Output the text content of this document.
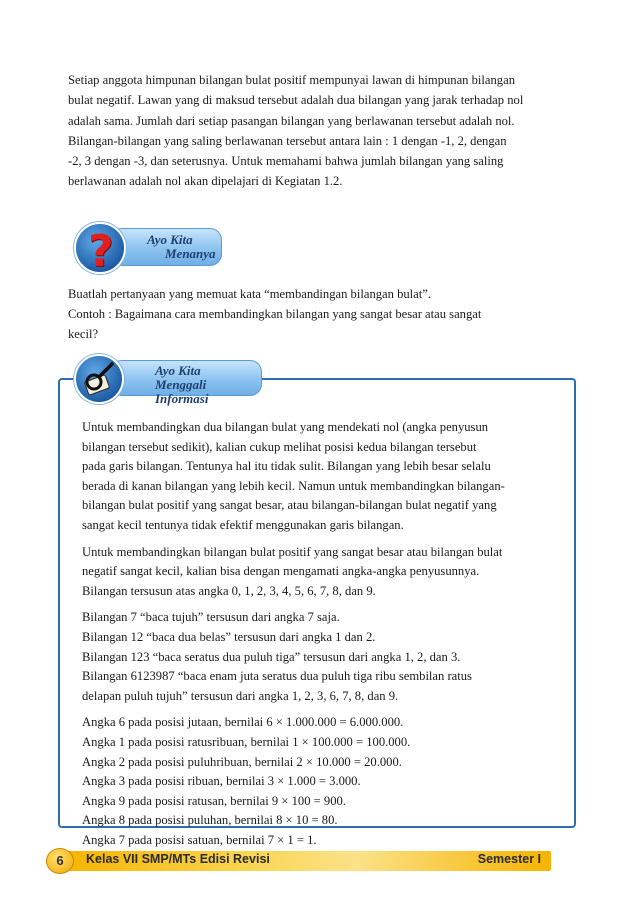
Setiap anggota himpunan bilangan bulat positif mempunyai lawan di himpunan bilangan

bulat negatif. Lawan yang di maksud tersebut adalah dua bilangan yang jarak terhadap nol

adalah sama. Jumlah dari setiap pasangan bilangan yang berlawanan tersebut adalah nol.

Bilangan-bilangan yang saling berlawanan tersebut antara lain : 1 dengan -1, 2, dengan

-2, 3 dengan -3, dan seterusnya. Untuk memahami bahwa jumlah bilangan yang saling

berlawanan adalah nol akan dipelajari di Kegiatan 1.2.

Ayo Kita
Menanya
?
Buatlah pertanyaan yang memuat kata “membandingan bilangan bulat”.
Contoh : Bagaimana cara membandingkan bilangan yang sangat besar atau sangat
kecil?
Ayo Kita
Menggali Informasi
Untuk membandingkan dua bilangan bulat yang mendekati nol (angka penyusun
bilangan tersebut sedikit), kalian cukup melihat posisi kedua bilangan tersebut
pada garis bilangan. Tentunya hal itu tidak sulit. Bilangan yang lebih besar selalu
berada di kanan bilangan yang lebih kecil. Namun untuk membandingkan bilangan-
bilangan bulat positif yang sangat besar, atau bilangan-bilangan bulat negatif yang
sangat kecil tentunya tidak efektif menggunakan garis bilangan.
Untuk membandingkan bilangan bulat positif yang sangat besar atau bilangan bulat
negatif sangat kecil, kalian bisa dengan mengamati angka-angka penyusunnya.
Bilangan tersusun atas angka 0, 1, 2, 3, 4, 5, 6, 7, 8, dan 9.
Bilangan 7 “baca tujuh” tersusun dari angka 7 saja.
Bilangan 12 “baca dua belas” tersusun dari angka 1 dan 2.
Bilangan 123 “baca seratus dua puluh tiga” tersusun dari angka 1, 2, dan 3.
Bilangan 6123987 “baca enam juta seratus dua puluh tiga ribu sembilan ratus
delapan puluh tujuh” tersusun dari angka 1, 2, 3, 6, 7, 8, dan 9.
Angka 6 pada posisi jutaan, bernilai 6 × 1.000.000 = 6.000.000.
Angka 1 pada posisi ratusribuan, bernilai 1 × 100.000 = 100.000.
Angka 2 pada posisi puluhribuan, bernilai 2 × 10.000 = 20.000.
Angka 3 pada posisi ribuan, bernilai 3 × 1.000 = 3.000.
Angka 9 pada posisi ratusan, bernilai 9 × 100 = 900.
Angka 8 pada posisi puluhan, bernilai 8 × 10 = 80.
Angka 7 pada posisi satuan, bernilai 7 × 1 = 1.
6	Kelas VII SMP/MTs Edisi Revisi	Semester I
